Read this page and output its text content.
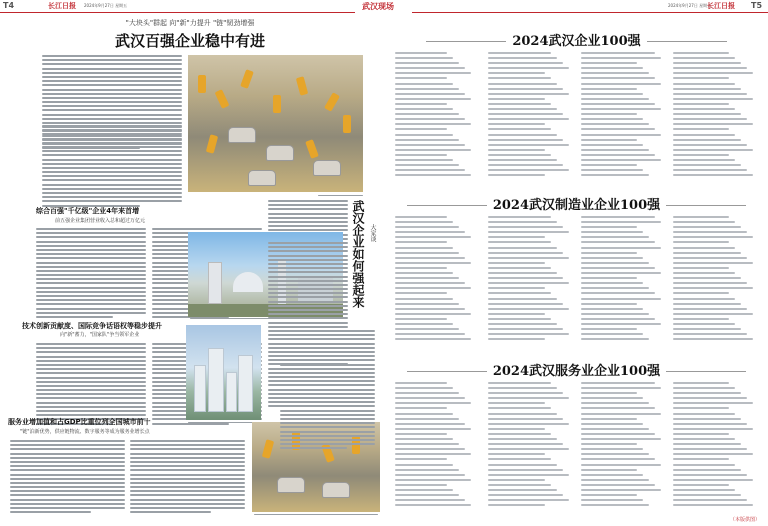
T4	长江日报 2024年9月27日 星期五	2024年9月27日 星期五
长江日报 T5
武汉现场
"大块头"群起 向"新"力提升 "链"韧劲增强
武汉百强企业稳中有进
综合百强"千亿级"企业4年来首增
前五强企业集团营业收入总和超过万亿元	武汉企业如何强起来 大家谈
技术创新贡献度、国际竞争话语权等稳步提升
向"新"蓄力，"国家队"争当领军企业
服务业增加值和占GDP比重位列全国城市前十
"链"泊新优势，供应链物流、数字服务等成为服务业增长点
2024武汉企业100强
2024武汉制造业企业100强
2024武汉服务业企业100强
（本版供图）
